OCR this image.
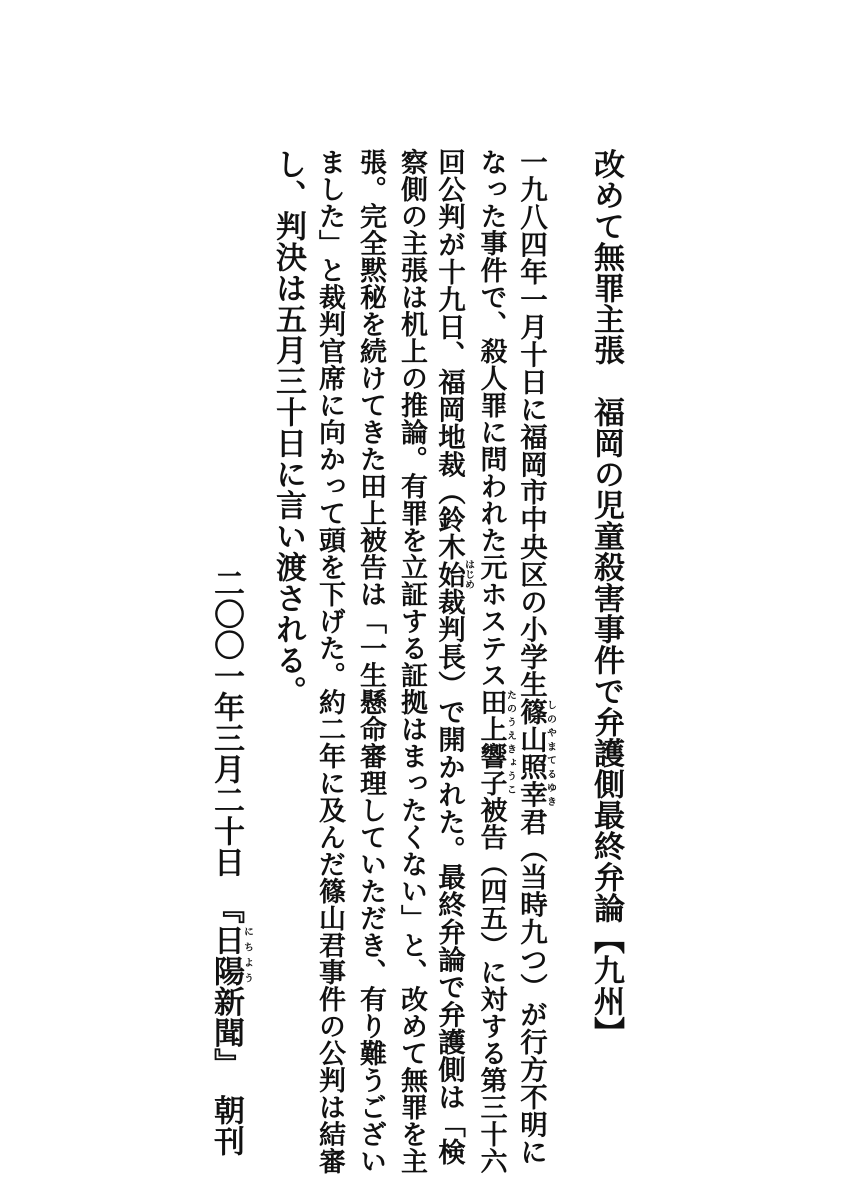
改めて無罪主張　福岡の児童殺害事件で弁護側最終弁論【九州】
一九八四年一月十日に福岡市中央区の小学生篠山照幸しのやまてるゆき君（当時九つ）が行方不明に
なった事件で、殺人罪に問われた元ホステス田上響子たのうえきょうこ被告（四五）に対する第三十六
回公判が十九日、福岡地裁（鈴木始はじめ裁判長）で開かれた。最終弁論で弁護側は「検
察側の主張は机上の推論。有罪を立証する証拠はまったくない」と、改めて無罪を主
張。完全黙秘を続けてきた田上被告は「一生懸命審理していただき、有り難うござい
ました」と裁判官席に向かって頭を下げた。約二年に及んだ篠山君事件の公判は結審
し、判決は五月三十日に言い渡される。
二〇〇一年三月二十日　『日陽にちよう新聞』　朝刊
